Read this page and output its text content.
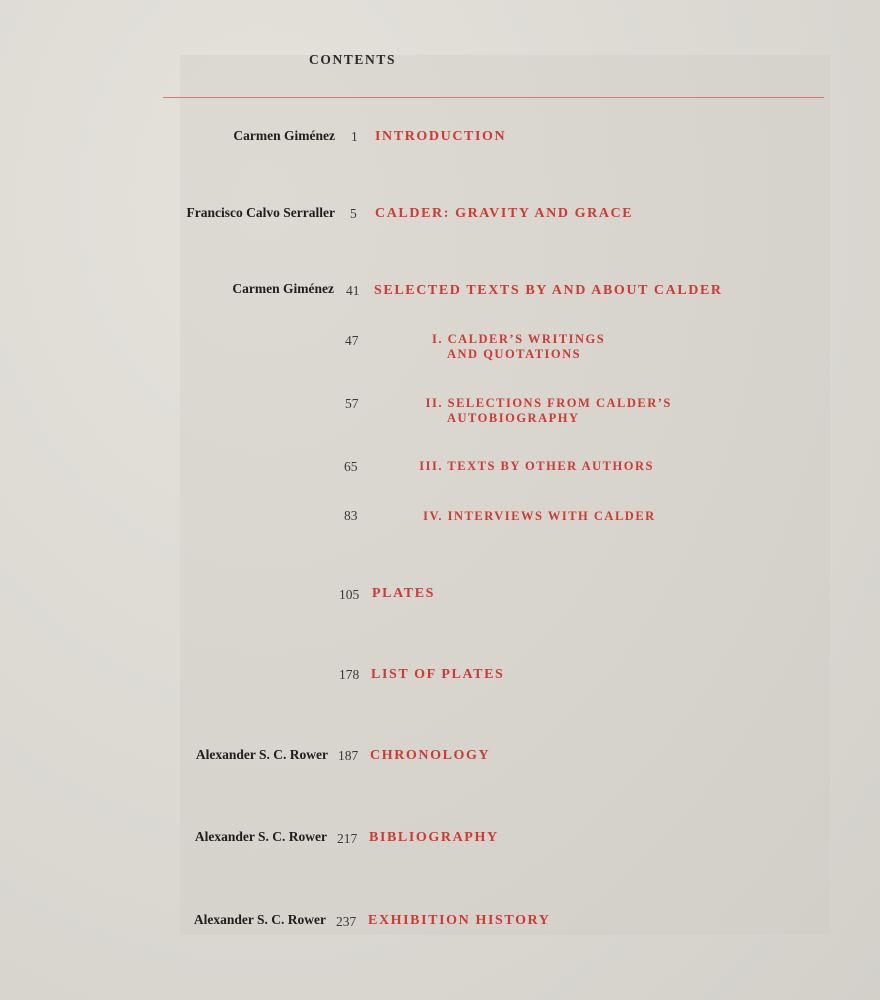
CONTENTS
Carmen Giménez 1 INTRODUCTION
Francisco Calvo Serraller 5 CALDER: GRAVITY AND GRACE
Carmen Giménez 41 SELECTED TEXTS BY AND ABOUT CALDER
47	I. CALDER’S WRITINGS
AND QUOTATIONS
57	II. SELECTIONS FROM CALDER’S
AUTOBIOGRAPHY
65	III. TEXTS BY OTHER AUTHORS
83	IV. INTERVIEWS WITH CALDER
105 PLATES
178 LIST OF PLATES
Alexander S. C. Rower 187 CHRONOLOGY
Alexander S. C. Rower 217 BIBLIOGRAPHY
Alexander S. C. Rower 237 EXHIBITION HISTORY
